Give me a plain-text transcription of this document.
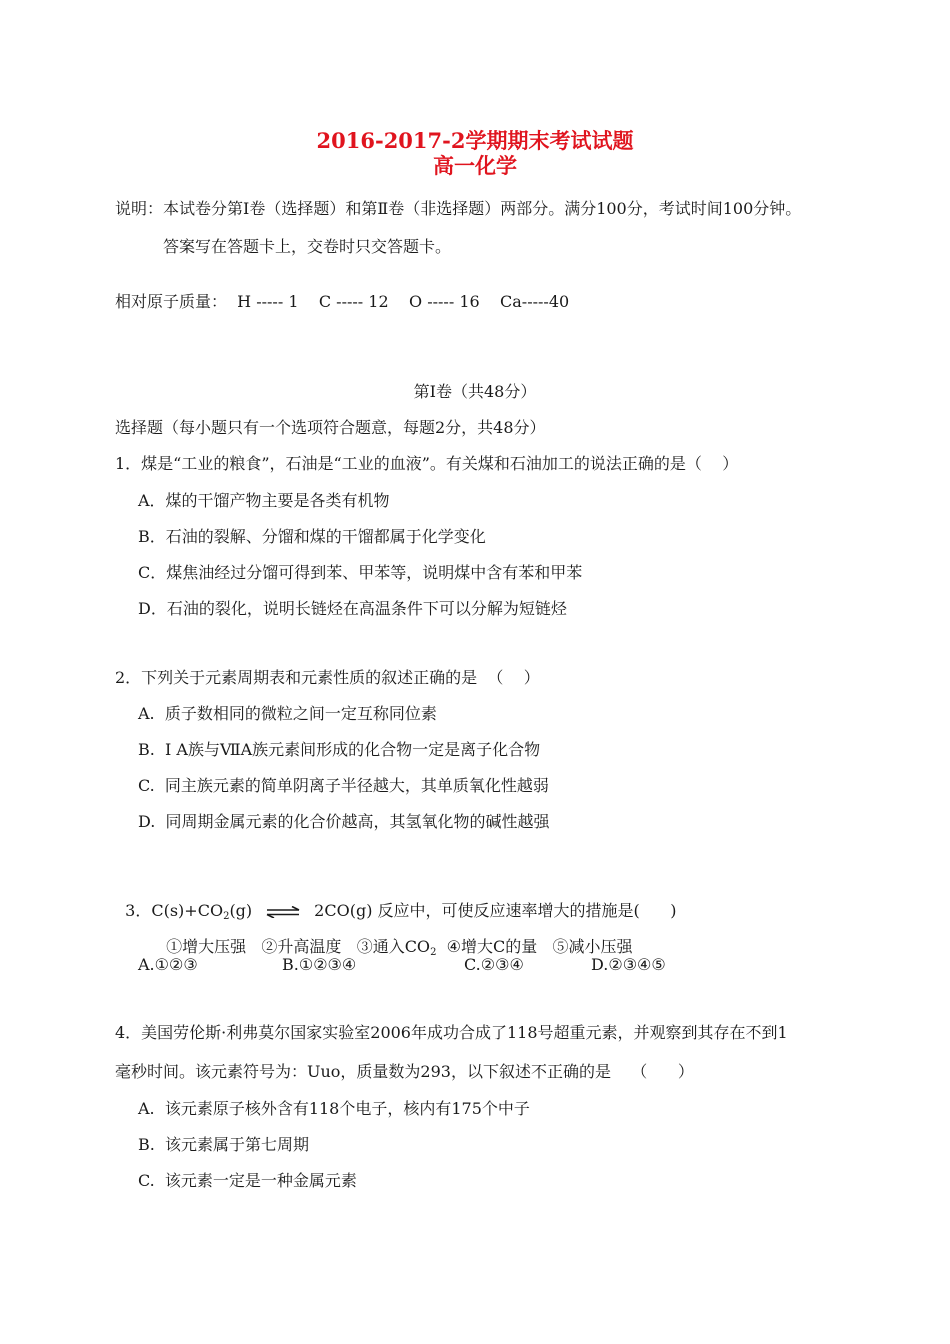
2016-2017-2学期期末考试试题
高一化学
说明：本试卷分第Ⅰ卷（选择题）和第Ⅱ卷（非选择题）两部分。满分100分，考试时间100分钟。
答案写在答题卡上，交卷时只交答题卡。
相对原子质量：  H ----- 1    C ----- 12    O ----- 16    Ca-----40
第Ⅰ卷（共48分）
选择题（每小题只有一个选项符合题意，每题2分，共48分）
1．煤是“工业的粮食”，石油是“工业的血液”。有关煤和石油加工的说法正确的是（    ）
A．煤的干馏产物主要是各类有机物
B．石油的裂解、分馏和煤的干馏都属于化学变化
C．煤焦油经过分馏可得到苯、甲苯等，说明煤中含有苯和甲苯
D．石油的裂化，说明长链烃在高温条件下可以分解为短链烃
2．下列关于元素周期表和元素性质的叙述正确的是  （    ）
A.  质子数相同的微粒之间一定互称同位素
B.  Ⅰ A族与ⅦA族元素间形成的化合物一定是离子化合物
C.  同主族元素的简单阴离子半径越大，其单质氧化性越弱
D.  同周期金属元素的化合价越高，其氢氧化物的碱性越强

3．$C(s)+CO_2(g)$ ⇌ 2CO(g) 反应中，可使反应速率增大的措施是(      )

①增大压强   ②升高温度   ③通入$CO_2$  ④增大C的量   ⑤减小压强

A.①②③	B.①②③④	C.②③④	D.②③④⑤
4．美国劳伦斯·利弗莫尔国家实验室2006年成功合成了118号超重元素，并观察到其存在不到1
毫秒时间。该元素符号为：Uuo，质量数为293，以下叙述不正确的是    （      ）
A.  该元素原子核外含有118个电子，核内有175个中子
B.  该元素属于第七周期
C.  该元素一定是一种金属元素
